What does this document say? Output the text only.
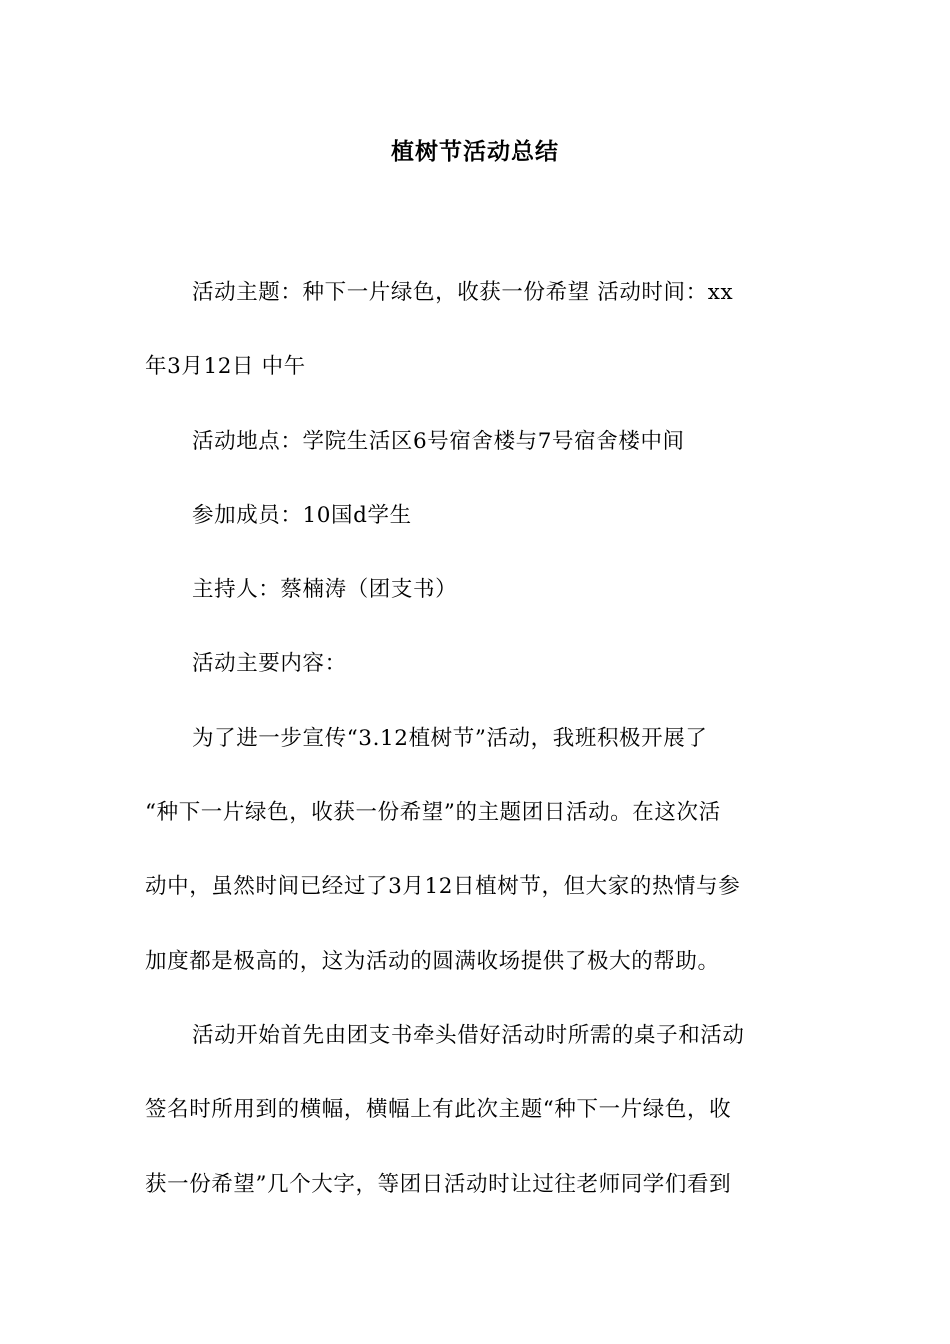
植树节活动总结
活动主题：种下一片绿色，收获一份希望 活动时间：xx
年3月12日 中午
活动地点：学院生活区6号宿舍楼与7号宿舍楼中间
参加成员：10国d学生
主持人：蔡楠涛（团支书）
活动主要内容：
为了进一步宣传“3.12植树节”活动，我班积极开展了
“种下一片绿色，收获一份希望”的主题团日活动。在这次活
动中，虽然时间已经过了3月12日植树节，但大家的热情与参
加度都是极高的，这为活动的圆满收场提供了极大的帮助。
活动开始首先由团支书牵头借好活动时所需的桌子和活动
签名时所用到的横幅，横幅上有此次主题“种下一片绿色，收
获一份希望”几个大字，等团日活动时让过往老师同学们看到
